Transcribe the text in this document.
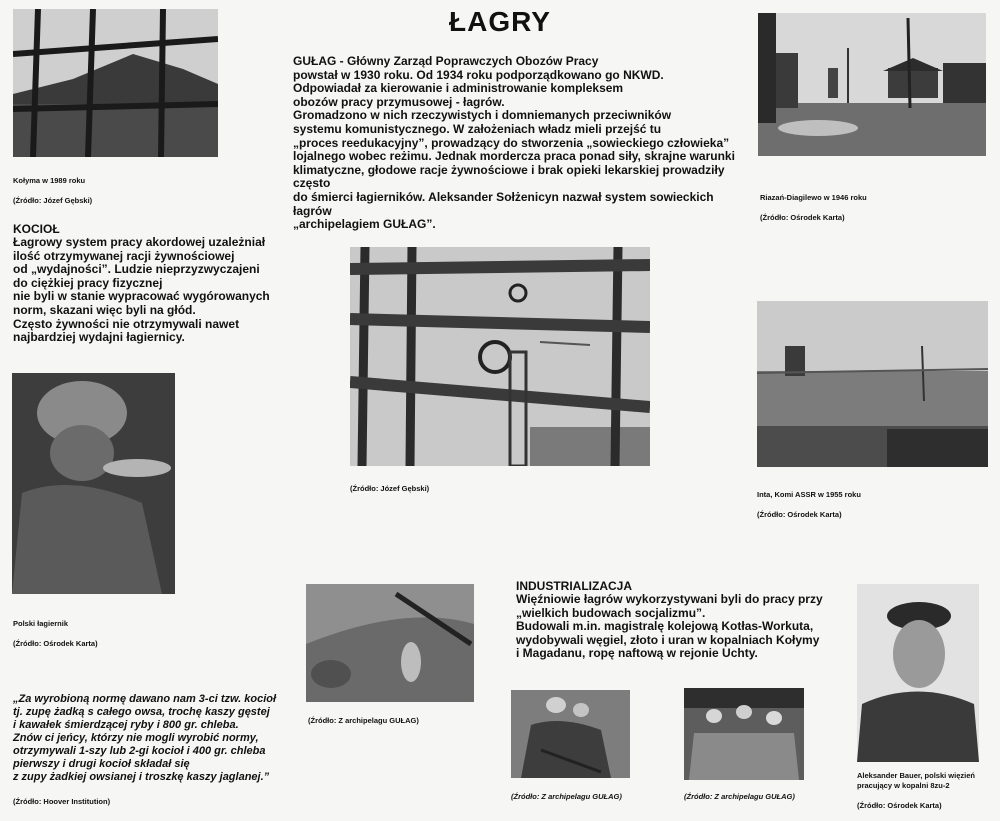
ŁAGRY
GUŁAG - Główny Zarząd Poprawczych Obozów Pracy
powstał w 1930 roku. Od 1934 roku podporządkowano go NKWD.
Odpowiadał za kierowanie i administrowanie kompleksem
obozów pracy przymusowej - łagrów.
Gromadzono w nich rzeczywistych i domniemanych przeciwników
systemu komunistycznego. W założeniach władz mieli przejść tu
„proces reedukacyjny”, prowadzący do stworzenia „sowieckiego człowieka”
lojalnego wobec reżimu. Jednak mordercza praca ponad siły, skrajne warunki
klimatyczne, głodowe racje żywnościowe i brak opieki lekarskiej prowadziły często
do śmierci łagierników. Aleksander Sołżenicyn nazwał system sowieckich łagrów
„archipelagiem GUŁAG”.
Kołyma w 1989 roku

(Źródło: Józef Gębski)	Riazań-Diagilewo w 1946 roku

(Źródło: Ośrodek Karta)
KOCIOŁ
Łagrowy system pracy akordowej uzależniał
ilość otrzymywanej racji żywnościowej
od „wydajności”. Ludzie nieprzyzwyczajeni
do ciężkiej pracy fizycznej
nie byli w stanie wypracować wygórowanych
norm, skazani więc byli na głód.
Często żywności nie otrzymywali nawet
najbardziej wydajni łagiernicy.
(Źródło: Józef Gębski)
Inta, Komi ASSR w 1955 roku

(Źródło: Ośrodek Karta)
Polski łagiernik

(Źródło: Ośrodek Karta)
(Źródło: Z archipelagu GUŁAG)
INDUSTRIALIZACJA
Więźniowie łagrów wykorzystywani byli do pracy przy
„wielkich budowach socjalizmu”.
Budowali m.in. magistralę kolejową Kotłas-Workuta,
wydobywali węgiel, złoto i uran w kopalniach Kołymy
i Magadanu, ropę naftową w rejonie Uchty.
(Źródło: Z archipelagu GUŁAG)	(Źródło: Z archipelagu GUŁAG)
Aleksander Bauer, polski więzień
pracujący w kopalni 8zu-2

(Źródło: Ośrodek Karta)
„Za wyrobioną normę dawano nam 3-ci tzw. kocioł
tj. zupę żadką s całego owsa, trochę kaszy gęstej
i kawałek śmierdzącej ryby i 800 gr. chleba.
Znów ci jeńcy, którzy nie mogli wyrobić normy,
otrzymywali 1-szy lub 2-gi kocioł i 400 gr. chleba
pierwszy i drugi kocioł składał się
z zupy żadkiej owsianej i troszkę kaszy jaglanej.”
(Źródło: Hoover Institution)
